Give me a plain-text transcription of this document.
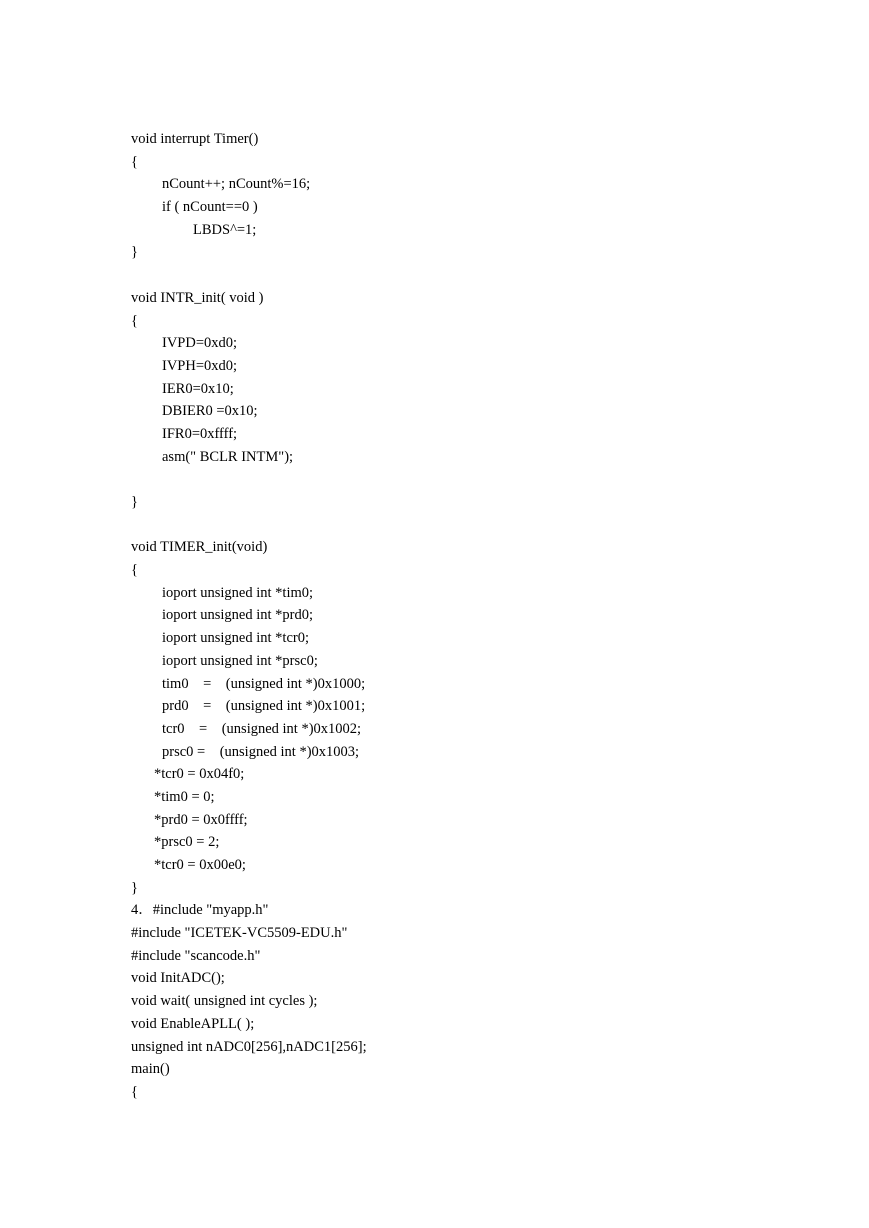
void interrupt Timer()
{
nCount++; nCount%=16;
if ( nCount==0 )
LBDS^=1;
}
void INTR_init( void )
{
IVPD=0xd0;
IVPH=0xd0;
IER0=0x10;
DBIER0 =0x10;
IFR0=0xffff;
asm(" BCLR INTM");
}
void TIMER_init(void)
{
ioport unsigned int *tim0;
ioport unsigned int *prd0;
ioport unsigned int *tcr0;
ioport unsigned int *prsc0;
tim0    =    (unsigned int *)0x1000;
prd0    =    (unsigned int *)0x1001;
tcr0    =    (unsigned int *)0x1002;
prsc0 =    (unsigned int *)0x1003;
*tcr0 = 0x04f0;
*tim0 = 0;
*prd0 = 0x0ffff;
*prsc0 = 2;
*tcr0 = 0x00e0;
}
4．#include "myapp.h"
#include "ICETEK-VC5509-EDU.h"
#include "scancode.h"
void InitADC();
void wait( unsigned int cycles );
void EnableAPLL( );
unsigned int nADC0[256],nADC1[256];
main()
{
